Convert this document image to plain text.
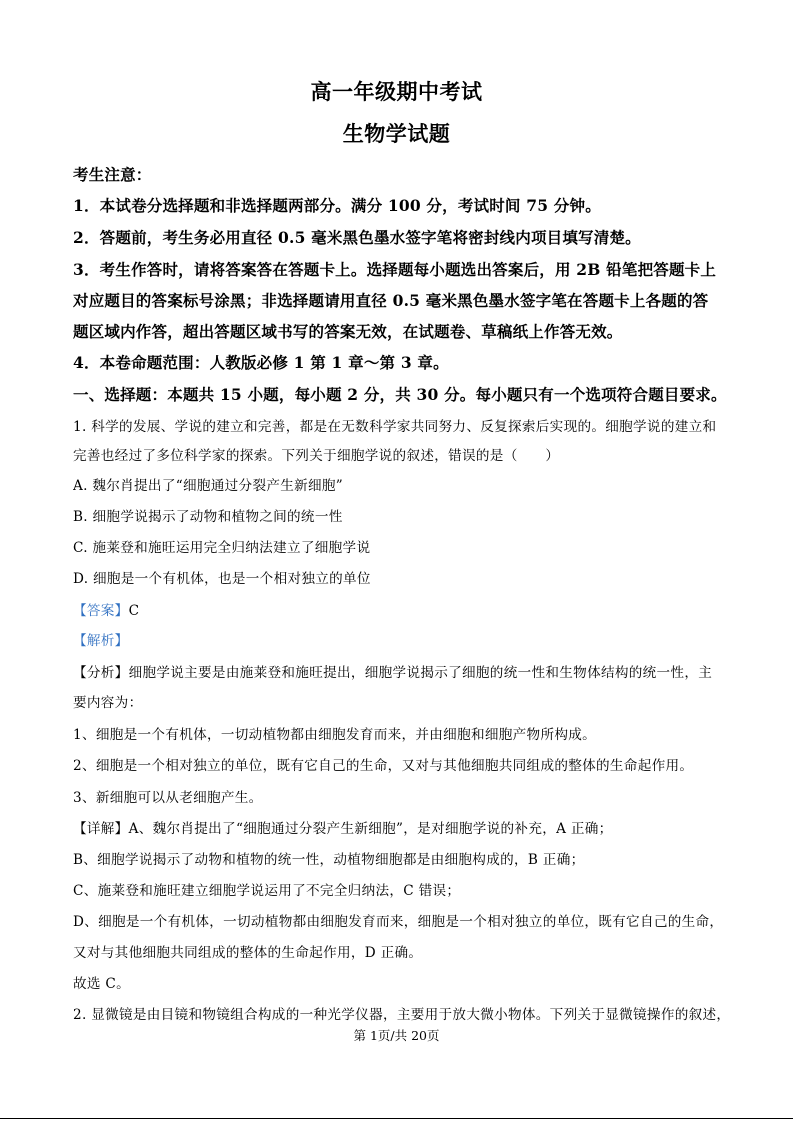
高一年级期中考试
生物学试题
考生注意：
1．本试卷分选择题和非选择题两部分。满分 100 分，考试时间 75 分钟。
2．答题前，考生务必用直径 0.5 毫米黑色墨水签字笔将密封线内项目填写清楚。
3．考生作答时，请将答案答在答题卡上。选择题每小题选出答案后，用 2B 铅笔把答题卡上
对应题目的答案标号涂黑；非选择题请用直径 0.5 毫米黑色墨水签字笔在答题卡上各题的答
题区域内作答，超出答题区域书写的答案无效，在试题卷、草稿纸上作答无效。
4．本卷命题范围：人教版必修 1 第 1 章～第 3 章。
一、选择题：本题共 15 小题，每小题 2 分，共 30 分。每小题只有一个选项符合题目要求。
1. 科学的发展、学说的建立和完善，都是在无数科学家共同努力、反复探索后实现的。细胞学说的建立和
完善也经过了多位科学家的探索。下列关于细胞学说的叙述，错误的是（　　）
A. 魏尔肖提出了“细胞通过分裂产生新细胞”
B. 细胞学说揭示了动物和植物之间的统一性
C. 施莱登和施旺运用完全归纳法建立了细胞学说
D. 细胞是一个有机体，也是一个相对独立的单位
【答案】C
【解析】
【分析】细胞学说主要是由施莱登和施旺提出，细胞学说揭示了细胞的统一性和生物体结构的统一性，主
要内容为：
1、细胞是一个有机体，一切动植物都由细胞发育而来，并由细胞和细胞产物所构成。
2、细胞是一个相对独立的单位，既有它自己的生命，又对与其他细胞共同组成的整体的生命起作用。
3、新细胞可以从老细胞产生。
【详解】A、魏尔肖提出了“细胞通过分裂产生新细胞”，是对细胞学说的补充，A 正确；
B、细胞学说揭示了动物和植物的统一性，动植物细胞都是由细胞构成的，B 正确；
C、施莱登和施旺建立细胞学说运用了不完全归纳法，C 错误；
D、细胞是一个有机体，一切动植物都由细胞发育而来，细胞是一个相对独立的单位，既有它自己的生命，
又对与其他细胞共同组成的整体的生命起作用，D 正确。
故选 C。
2. 显微镜是由目镜和物镜组合构成的一种光学仪器，主要用于放大微小物体。下列关于显微镜操作的叙述，
第 1页/共 20页
